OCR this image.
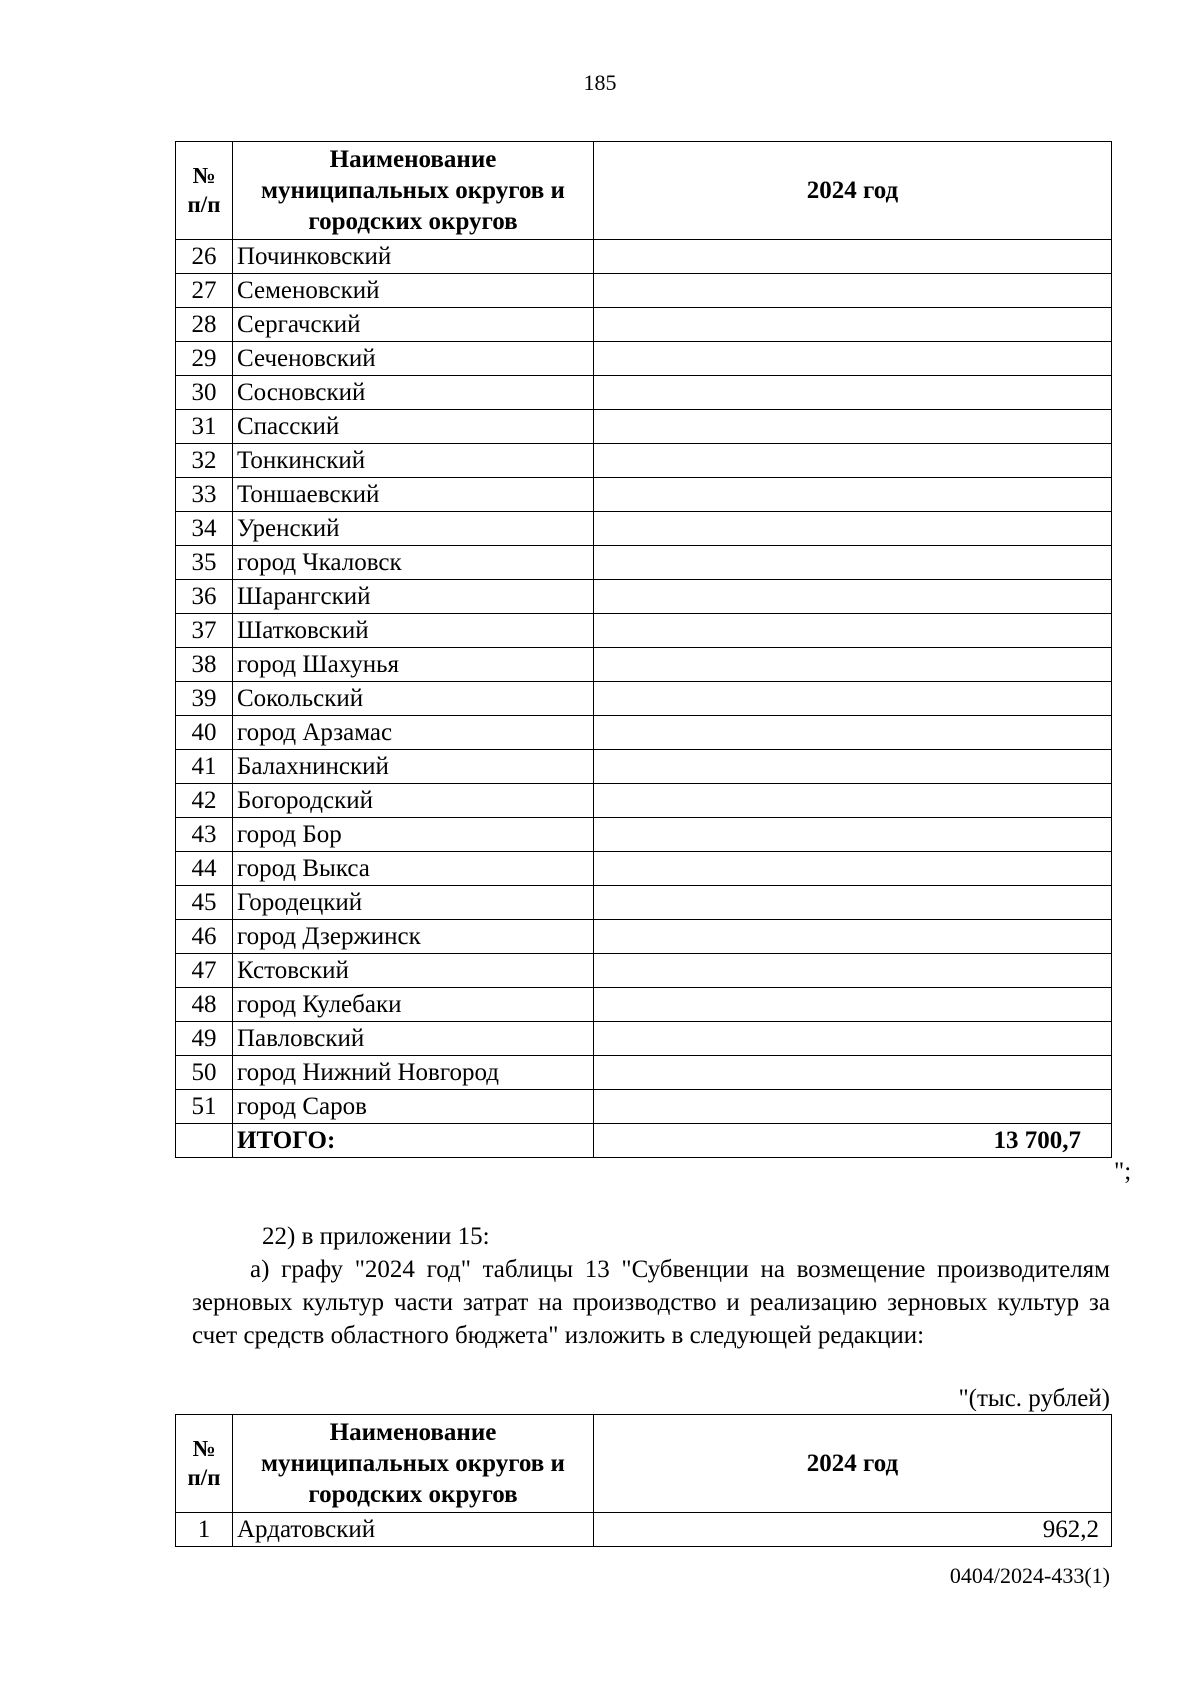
185
№ п/п	Наименование муниципальных округов и городских округов	2024 год
26	Починковский	
27	Семеновский	
28	Сергачский	
29	Сеченовский	
30	Сосновский	
31	Спасский	
32	Тонкинский	
33	Тоншаевский	
34	Уренский	
35	город Чкаловск	
36	Шарангский	
37	Шатковский	
38	город Шахунья	
39	Сокольский	
40	город Арзамас	
41	Балахнинский	
42	Богородский	
43	город Бор	
44	город Выкса	
45	Городецкий	
46	город Дзержинск	
47	Кстовский	
48	город Кулебаки	
49	Павловский	
50	город Нижний Новгород	
51	город Саров	
	ИТОГО:	13 700,7
";
22) в приложении 15:
а) графу "2024 год" таблицы 13 "Субвенции на возмещение производителям зерновых культур части затрат на производство и реализацию зерновых культур за счет средств областного бюджета" изложить в следующей редакции:
"(тыс. рублей)
№ п/п	Наименование муниципальных округов и городских округов	2024 год
1	Ардатовский	962,2
0404/2024-433(1)
